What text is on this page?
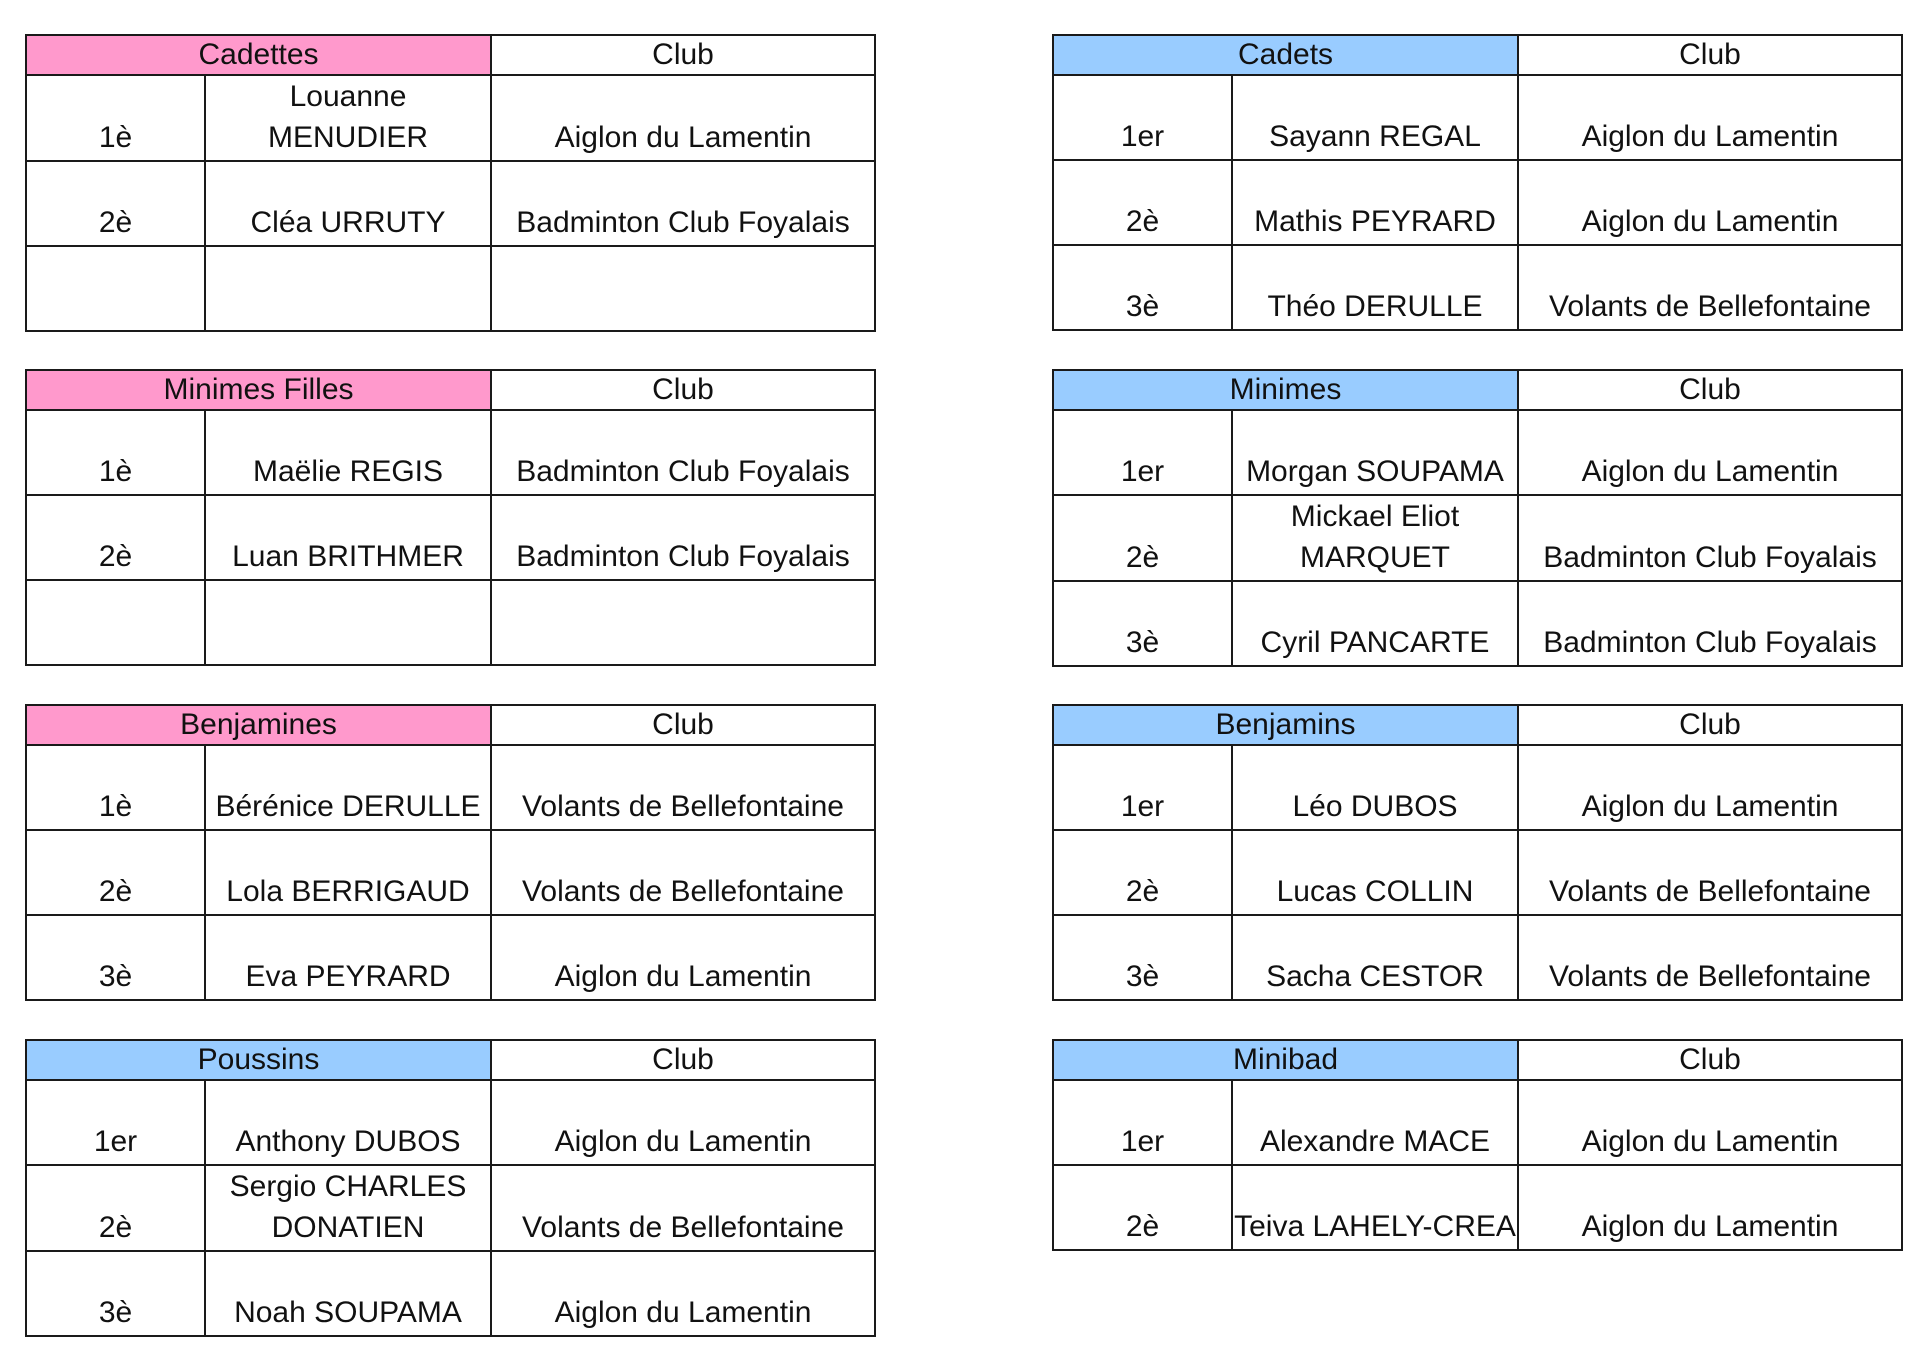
Cadettes		Club
1è	Louanne MENUDIER	Aiglon du Lamentin
2è	Cléa URRUTY	Badminton Club Foyalais

Cadets		Club
1er	Sayann REGAL	Aiglon du Lamentin
2è	Mathis PEYRARD	Aiglon du Lamentin
3è	Théo DERULLE	Volants de Bellefontaine
Minimes Filles		Club
1è	Maëlie REGIS	Badminton Club Foyalais
2è	Luan BRITHMER	Badminton Club Foyalais

Minimes		Club
1er	Morgan SOUPAMA	Aiglon du Lamentin
2è	Mickael Eliot MARQUET	Badminton Club Foyalais
3è	Cyril PANCARTE	Badminton Club Foyalais
Benjamines		Club
1è	Bérénice DERULLE	Volants de Bellefontaine
2è	Lola BERRIGAUD	Volants de Bellefontaine
3è	Eva PEYRARD	Aiglon du Lamentin
Benjamins		Club
1er	Léo DUBOS	Aiglon du Lamentin
2è	Lucas COLLIN	Volants de Bellefontaine
3è	Sacha CESTOR	Volants de Bellefontaine
Poussins		Club
1er	Anthony DUBOS	Aiglon du Lamentin
2è	Sergio CHARLES DONATIEN	Volants de Bellefontaine
3è	Noah SOUPAMA	Aiglon du Lamentin
Minibad		Club
1er	Alexandre MACE	Aiglon du Lamentin
2è	Teiva LAHELY-CREA	Aiglon du Lamentin
